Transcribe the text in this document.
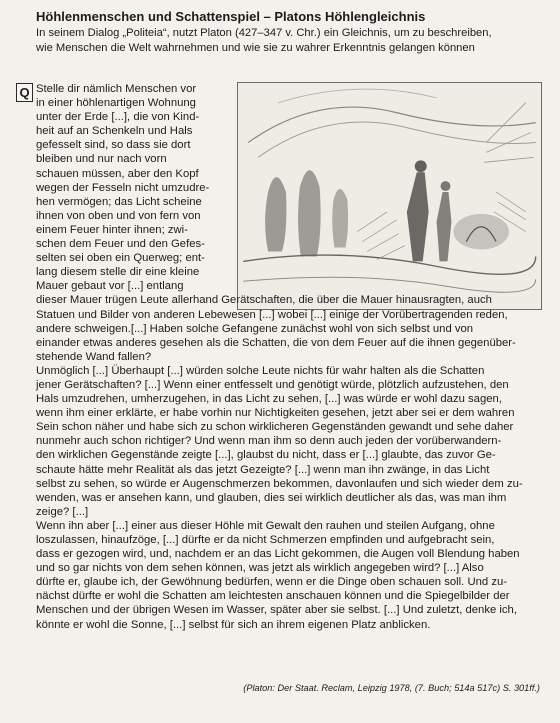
Höhlenmenschen und Schattenspiel – Platons Höhlengleichnis

In seinem Dialog „Politeia“, nutzt Platon (427–347 v. Chr.) ein Gleichnis, um zu beschreiben,
wie Menschen die Welt wahrnehmen und wie sie zu wahrer Erkenntnis gelangen können

Q Stelle dir nämlich Menschen vor
in einer höhlenartigen Wohnung
unter der Erde [...], die von Kind-
heit auf an Schenkeln und Hals
gefesselt sind, so dass sie dort
bleiben und nur nach vorn
schauen müssen, aber den Kopf
wegen der Fesseln nicht umzudre-
hen vermögen; das Licht scheine
ihnen von oben und von fern von
einem Feuer hinter ihnen; zwi-
schen dem Feuer und den Gefes-
selten sei oben ein Querweg; ent-
lang diesem stelle dir eine kleine
Mauer gebaut vor [...] entlang
dieser Mauer trügen Leute allerhand Gerätschaften, die über die Mauer hinausragten, auch
Statuen und Bilder von anderen Lebewesen [...] wobei [...] einige der Vorübertragenden reden,
andere schweigen.[...] Haben solche Gefangene zunächst wohl von sich selbst und von
einander etwas anderes gesehen als die Schatten, die von dem Feuer auf die ihnen gegenüber-
stehende Wand fallen?
Unmöglich [...] Überhaupt [...] würden solche Leute nichts für wahr halten als die Schatten
jener Gerätschaften? [...] Wenn einer entfesselt und genötigt würde, plötzlich aufzustehen, den
Hals umzudrehen, umherzugehen, in das Licht zu sehen, [...] was würde er wohl dazu sagen,
wenn ihm einer erklärte, er habe vorhin nur Nichtigkeiten gesehen, jetzt aber sei er dem wahren
Sein schon näher und habe sich zu schon wirklicheren Gegenständen gewandt und sehe daher
nunmehr auch schon richtiger? Und wenn man ihm so denn auch jeden der vorüberwandern-
den wirklichen Gegenstände zeigte [...], glaubst du nicht, dass er [...] glaubte, das zuvor Ge-
schaute hätte mehr Realität als das jetzt Gezeigte? [...] wenn man ihn zwänge, in das Licht
selbst zu sehen, so würde er Augenschmerzen bekommen, davonlaufen und sich wieder dem zu-
wenden, was er ansehen kann, und glauben, dies sei wirklich deutlicher als das, was man ihm
zeige? [...]
Wenn ihn aber [...] einer aus dieser Höhle mit Gewalt den rauhen und steilen Aufgang, ohne
loszulassen, hinaufzöge, [...] dürfte er da nicht Schmerzen empfinden und aufgebracht sein,
dass er gezogen wird, und, nachdem er an das Licht gekommen, die Augen voll Blendung haben
und so gar nichts von dem sehen können, was jetzt als wirklich angegeben wird? [...] Also
dürfte er, glaube ich, der Gewöhnung bedürfen, wenn er die Dinge oben schauen soll. Und zu-
nächst dürfte er wohl die Schatten am leichtesten anschauen können und die Spiegelbilder der
Menschen und der übrigen Wesen im Wasser, später aber sie selbst. [...] Und zuletzt, denke ich,
könnte er wohl die Sonne, [...] selbst für sich an ihrem eigenen Platz anblicken.

(Platon: Der Staat. Reclam, Leipzig 1978, (7. Buch; 514a 517c) S. 301ff.)
